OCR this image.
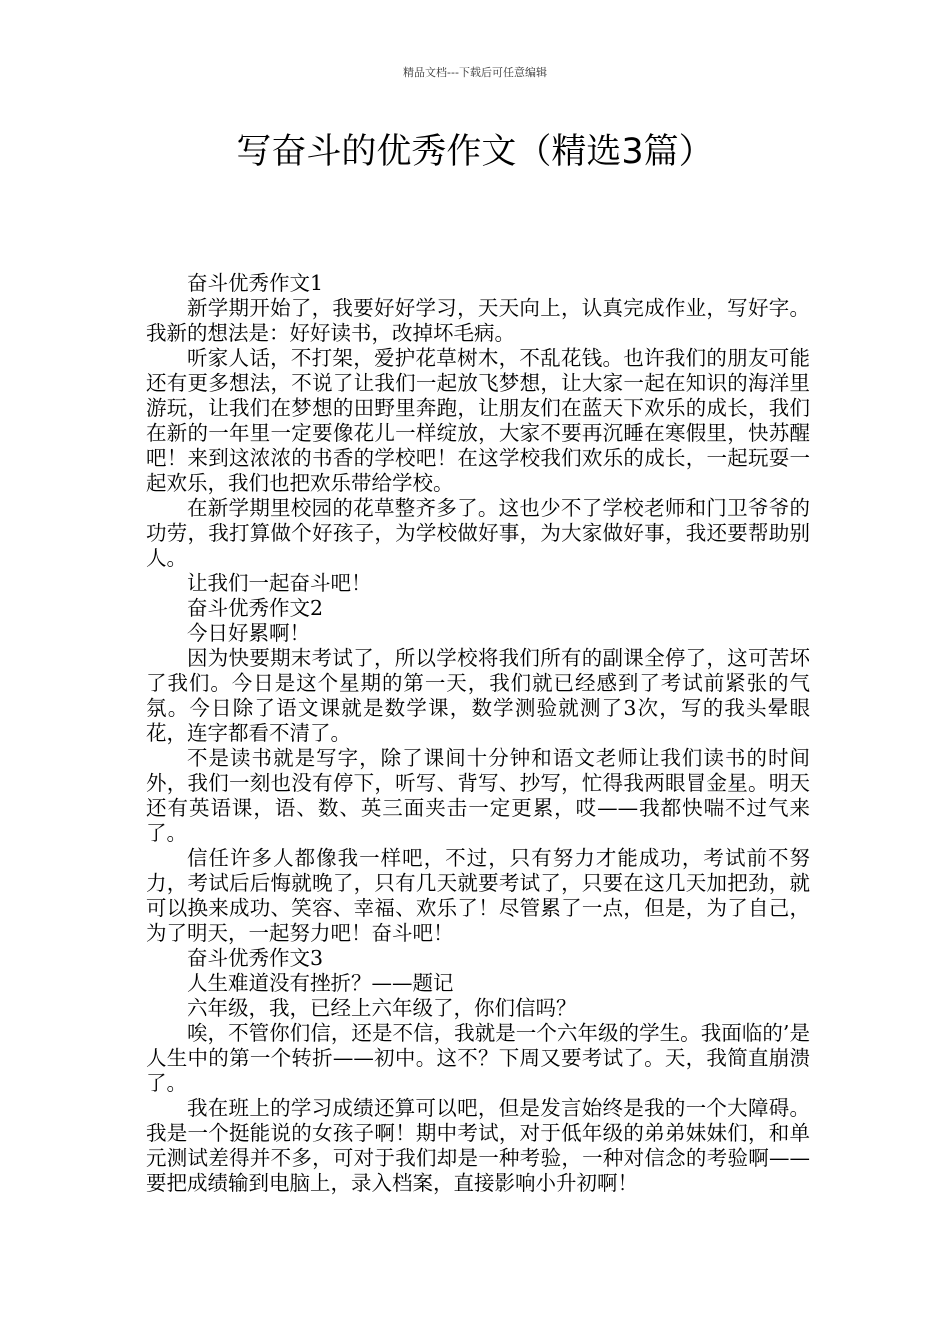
精品文档---下载后可任意编辑
写奋斗的优秀作文（精选3篇）

奋斗优秀作文1

新学期开始了，我要好好学习，天天向上，认真完成作业，写好字。我新的想法是：好好读书，改掉坏毛病。

听家人话，不打架，爱护花草树木，不乱花钱。也许我们的朋友可能还有更多想法，不说了让我们一起放飞梦想，让大家一起在知识的海洋里游玩，让我们在梦想的田野里奔跑，让朋友们在蓝天下欢乐的成长，我们在新的一年里一定要像花儿一样绽放，大家不要再沉睡在寒假里，快苏醒吧！来到这浓浓的书香的学校吧！在这学校我们欢乐的成长，一起玩耍一起欢乐，我们也把欢乐带给学校。

在新学期里校园的花草整齐多了。这也少不了学校老师和门卫爷爷的功劳，我打算做个好孩子，为学校做好事，为大家做好事，我还要帮助别人。

让我们一起奋斗吧！

奋斗优秀作文2

今日好累啊！

因为快要期末考试了，所以学校将我们所有的副课全停了，这可苦坏了我们。今日是这个星期的第一天，我们就已经感到了考试前紧张的气氛。今日除了语文课就是数学课，数学测验就测了3次，写的我头晕眼花，连字都看不清了。

不是读书就是写字，除了课间十分钟和语文老师让我们读书的时间外，我们一刻也没有停下，听写、背写、抄写，忙得我两眼冒金星。明天还有英语课，语、数、英三面夹击一定更累，哎——我都快喘不过气来了。

信任许多人都像我一样吧，不过，只有努力才能成功，考试前不努力，考试后后悔就晚了，只有几天就要考试了，只要在这几天加把劲，就可以换来成功、笑容、幸福、欢乐了！尽管累了一点，但是，为了自己，为了明天，一起努力吧！奋斗吧！

奋斗优秀作文3

人生难道没有挫折？——题记

六年级，我，已经上六年级了，你们信吗？

唉，不管你们信，还是不信，我就是一个六年级的学生。我面临的’是人生中的第一个转折——初中。这不？下周又要考试了。天，我简直崩溃了。

我在班上的学习成绩还算可以吧，但是发言始终是我的一个大障碍。我是一个挺能说的女孩子啊！期中考试，对于低年级的弟弟妹妹们，和单元测试差得并不多，可对于我们却是一种考验，一种对信念的考验啊——要把成绩输到电脑上，录入档案，直接影响小升初啊！
